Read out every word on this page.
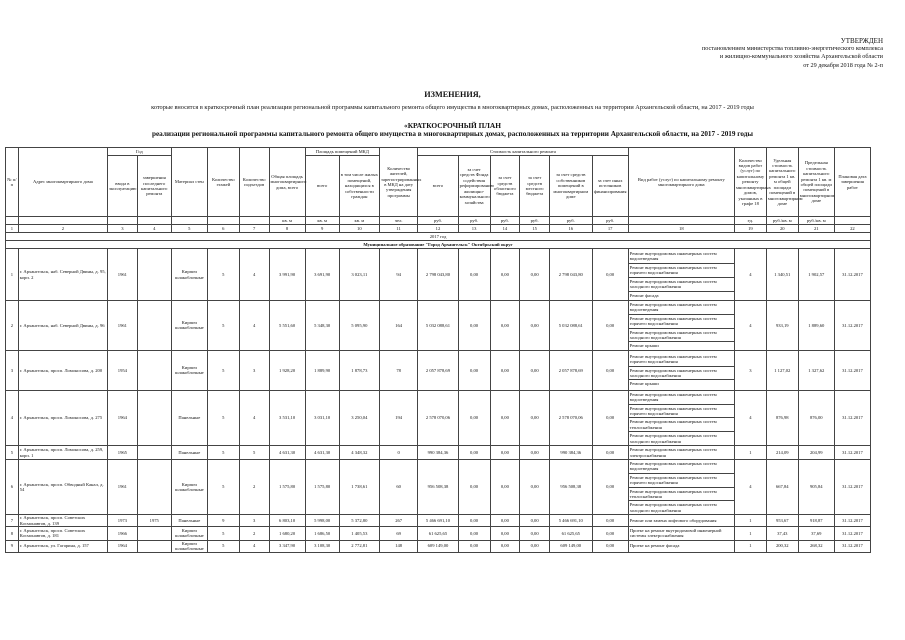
УТВЕРЖДЕН
постановлением министерства топливно-энергетического комплекса
и жилищно-коммунального хозяйства Архангельской области
от 29 декабря 2018 года № 2-п
ИЗМЕНЕНИЯ,
которые вносятся в краткосрочный план реализации региональной программы капитального ремонта общего имущества в многоквартирных домах, расположенных на территории Архангельской области, на 2017 - 2019 годы
«КРАТКОСРОЧНЫЙ ПЛАН
реализации региональной программы капитального ремонта общего имущества в многоквартирных домах, расположенных на территории Архангельской области, на 2017 - 2019 годы
№ п/п	Адрес многоквартирного дома	Год		Материал стен	Количество этажей	Количество подъездов	Общая площадь многоквартирного дома, всего	Площадь помещений МКД		Количество жителей, зарегистрированных в МКД на дату утверждения программы	Стоимость капитального ремонта						Вид работ (услуг) по капитальному ремонту многоквартирного дома	Количество видов работ (услуг) по капитальному ремонту многоквартирных домов, указанных в графе 18	Удельная стоимость капитального ремонта 1 кв. м общей площади помещений в многоквартирном доме	Предельная стоимость капитального ремонта 1 кв. м общей площади помещений в многоквартирном доме	Плановая дата завершения работ
		ввода в эксплуатацию	завершения последнего капитального ремонта					всего	в том числе жилых помещений, находящихся в собственности граждан		всего	за счет средств Фонда содействия реформированию жилищно-коммунального хозяйства	за счет средств областного бюджета	за счет средств местного бюджета	за счет средств собственников помещений в многоквартирном доме	за счет иных источников финансирования					

							кв. м	кв. м	кв. м	чел.	руб.	руб.	руб.	руб.	руб.	руб.		ед.	руб./кв. м	руб./кв. м	
1	2	3	4	5	6	7	8	9	10	11	12	13	14	15	16	17	18	19	20	21	22
2017 год																					
Муниципальное образование "Город Архангельск" Октябрьский округ																					
1	г. Архангельск, наб. Северной Двины, д. 95, корп. 2	1961		Кирпич шлакоблочные	5	4	3 991,90	3 691,90	3 023,11	94	2 798 043,80	0,00	0,00	0,00	2 798 043,80	0,00	Ремонт внутридомовых инженерных систем водоотведения
Ремонт внутридомовых инженерных систем горячего водоснабжения
Ремонт внутридомовых инженерных систем холодного водоснабжения
Ремонт фасада	4	1 340,51	1 902,57	31.12.2017
2	г. Архангельск, наб. Северной Двины, д. 96	1961		Кирпич шлакоблочные	5	4	5 551,60	5 348,30	5 095,90	164	5 032 088,61	0,00	0,00	0,00	5 032 088,61	0,00	Ремонт внутридомовых инженерных систем водоотведения
Ремонт внутридомовых инженерных систем горячего водоснабжения
Ремонт внутридомовых инженерных систем холодного водоснабжения
Ремонт крыши	4	933,19	1 889,60	31.12.2017
3	г. Архангельск, просп. Ломоносова, д. 200	1954		Кирпич шлакоблочные	5	3	1 928,20	1 889,90	1 878,73	78	2 057 878,69	0,00	0,00	0,00	2 057 878,69	0,00	Ремонт внутридомовых инженерных систем горячего водоснабжения
Ремонт внутридомовых инженерных систем холодного водоснабжения
Ремонт крыши	3	1 127,02	1 327,62	31.12.2017
4	г. Архангельск, просп. Ломоносова, д. 275	1964		Панельные	5	4	3 531,10	3 031,10	3 250,04	194	2 578 070,06	0,00	0,00	0,00	2 578 070,06	0,00	Ремонт внутридомовых инженерных систем водоотведения
Ремонт внутридомовых инженерных систем горячего водоснабжения
Ремонт внутридомовых инженерных систем теплоснабжения
Ремонт внутридомовых инженерных систем холодного водоснабжения	4	876,98	876,00	31.12.2017
5	г. Архангельск, просп. Ломоносова, д. 259, корп. 1	1965		Панельные	5	5	4 631,30	4 631,30	4 348,32	0	990 384,36	0,00	0,00	0,00	990 384,36	0,00	Ремонт внутридомовых инженерных систем электроснабжения	1	214,09	204,99	31.12.2017
6	г. Архангельск, просп. Обводный Канал, д. 54	1961		Кирпич шлакоблочные	5	2	1 575,80	1 575,80	1 738,61	60	956 508,38	0,00	0,00	0,00	956 508,38	0,00	Ремонт внутридомовых инженерных систем водоотведения
Ремонт внутридомовых инженерных систем горячего водоснабжения
Ремонт внутридомовых инженерных систем теплоснабжения
Ремонт внутридомовых инженерных систем холодного водоснабжения	4	667,84	905,84	31.12.2017
7	г. Архангельск, просп. Советских Космонавтов, д. 139	1973	1975	Панельные	9	3	6 803,10	5 998,00	5 372,80	267	5 466 691,10	0,00	0,00	0,00	5 466 691,10	0,00	Ремонт или замена лифтового оборудования	1	953,67	918,87	31.12.2017
8	г. Архангельск, просп. Советских Космонавтов, д. 181	1966		Кирпич шлакоблочные	5	2	1 680,20	1 686,50	1 405,53	69	61 625,65	0,00	0,00	0,00	61 625,65	0,00	Проект на ремонт внутридомовой инженерной системы электроснабжения	1	37,43	37,69	31.12.2017
9	г. Архангельск, ул. Гагарина, д. 157	1964		Кирпич шлакоблочные	5	4	3 347,90	3 108,30	2 772,81	148	609 149,00	0,00	0,00	0,00	609 149,00	0,00	Проект на ремонт фасада	1	200,32	268,32	31.12.2017
